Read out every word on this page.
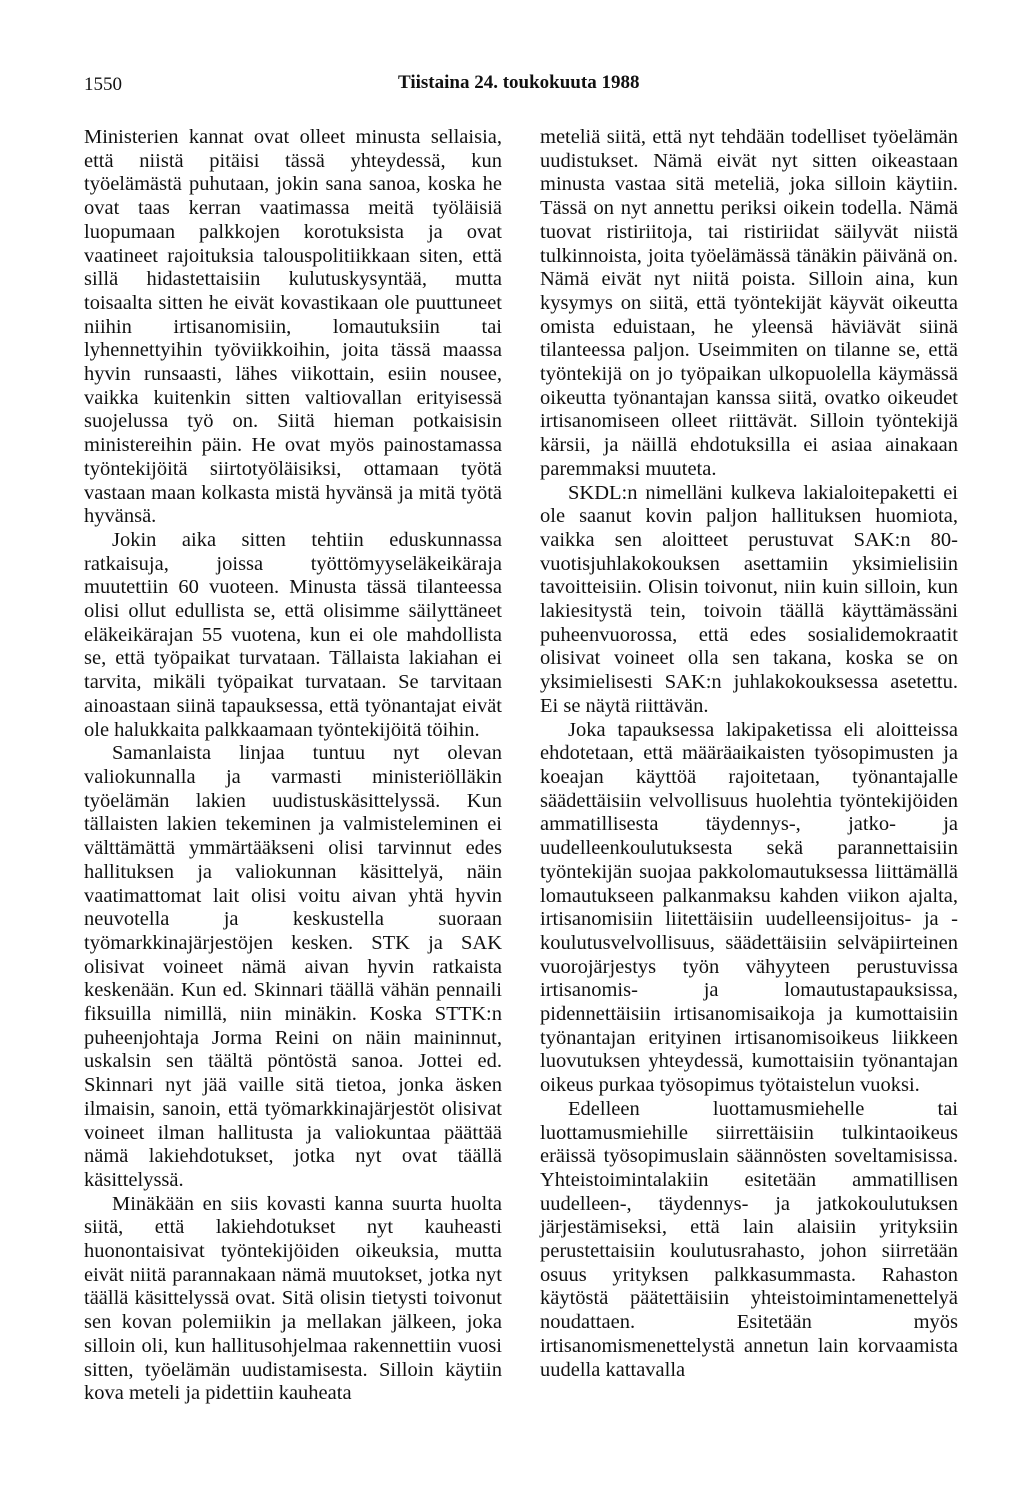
1550	Tiistaina 24. toukokuuta 1988

Ministerien kannat ovat olleet minusta sellaisia, että niistä pitäisi tässä yhteydessä, kun työelämästä puhutaan, jokin sana sanoa, koska he ovat taas kerran vaatimassa meitä työläisiä luopumaan palkkojen korotuksista ja ovat vaatineet rajoituksia talouspolitiikkaan siten, että sillä hidastettaisiin kulutuskysyntää, mutta toisaalta sitten he eivät kovastikaan ole puuttuneet niihin irtisanomisiin, lomautuksiin tai lyhennettyihin työviikkoihin, joita tässä maassa hyvin runsaasti, lähes viikottain, esiin nousee, vaikka kuitenkin sitten valtiovallan erityisessä suojelussa työ on. Siitä hieman potkaisisin ministereihin päin. He ovat myös painostamassa työntekijöitä siirtotyöläisiksi, ottamaan työtä vastaan maan kolkasta mistä hyvänsä ja mitä työtä hyvänsä.

Jokin aika sitten tehtiin eduskunnassa ratkaisuja, joissa työttömyyseläkeikäraja muutettiin 60 vuoteen. Minusta tässä tilanteessa olisi ollut edullista se, että olisimme säilyttäneet eläkeikärajan 55 vuotena, kun ei ole mahdollista se, että työpaikat turvataan. Tällaista lakiahan ei tarvita, mikäli työpaikat turvataan. Se tarvitaan ainoastaan siinä tapauksessa, että työnantajat eivät ole halukkaita palkkaamaan työntekijöitä töihin.

Samanlaista linjaa tuntuu nyt olevan valiokunnalla ja varmasti ministeriölläkin työelämän lakien uudistuskäsittelyssä. Kun tällaisten lakien tekeminen ja valmisteleminen ei välttämättä ymmärtääkseni olisi tarvinnut edes hallituksen ja valiokunnan käsittelyä, näin vaatimattomat lait olisi voitu aivan yhtä hyvin neuvotella ja keskustella suoraan työmarkkinajärjestöjen kesken. STK ja SAK olisivat voineet nämä aivan hyvin ratkaista keskenään. Kun ed. Skinnari täällä vähän pennaili fiksuilla nimillä, niin minäkin. Koska STTK:n puheenjohtaja Jorma Reini on näin maininnut, uskalsin sen täältä pöntöstä sanoa. Jottei ed. Skinnari nyt jää vaille sitä tietoa, jonka äsken ilmaisin, sanoin, että työmarkkinajärjestöt olisivat voineet ilman hallitusta ja valiokuntaa päättää nämä lakiehdotukset, jotka nyt ovat täällä käsittelyssä.

Minäkään en siis kovasti kanna suurta huolta siitä, että lakiehdotukset nyt kauheasti huonontaisivat työntekijöiden oikeuksia, mutta eivät niitä parannakaan nämä muutokset, jotka nyt täällä käsittelyssä ovat. Sitä olisin tietysti toivonut sen kovan polemiikin ja mellakan jälkeen, joka silloin oli, kun hallitusohjelmaa rakennettiin vuosi sitten, työelämän uudistamisesta. Silloin käytiin kova meteli ja pidettiin kauheata

meteliä siitä, että nyt tehdään todelliset työelämän uudistukset. Nämä eivät nyt sitten oikeastaan minusta vastaa sitä meteliä, joka silloin käytiin. Tässä on nyt annettu periksi oikein todella. Nämä tuovat ristiriitoja, tai ristiriidat säilyvät niistä tulkinnoista, joita työelämässä tänäkin päivänä on. Nämä eivät nyt niitä poista. Silloin aina, kun kysymys on siitä, että työntekijät käyvät oikeutta omista eduistaan, he yleensä häviävät siinä tilanteessa paljon. Useimmiten on tilanne se, että työntekijä on jo työpaikan ulkopuolella käymässä oikeutta työnantajan kanssa siitä, ovatko oikeudet irtisanomiseen olleet riittävät. Silloin työntekijä kärsii, ja näillä ehdotuksilla ei asiaa ainakaan paremmaksi muuteta.

SKDL:n nimelläni kulkeva lakialoitepaketti ei ole saanut kovin paljon hallituksen huomiota, vaikka sen aloitteet perustuvat SAK:n 80-vuotisjuhlakokouksen asettamiin yksimielisiin tavoitteisiin. Olisin toivonut, niin kuin silloin, kun lakiesitystä tein, toivoin täällä käyttämässäni puheenvuorossa, että edes sosialidemokraatit olisivat voineet olla sen takana, koska se on yksimielisesti SAK:n juhlakokouksessa asetettu. Ei se näytä riittävän.

Joka tapauksessa lakipaketissa eli aloitteissa ehdotetaan, että määräaikaisten työsopimusten ja koeajan käyttöä rajoitetaan, työnantajalle säädettäisiin velvollisuus huolehtia työntekijöiden ammatillisesta täydennys-, jatko- ja uudelleenkoulutuksesta sekä parannettaisiin työntekijän suojaa pakkolomautuksessa liittämällä lomautukseen palkanmaksu kahden viikon ajalta, irtisanomisiin liitettäisiin uudelleensijoitus- ja -koulutusvelvollisuus, säädettäisiin selväpiirteinen vuorojärjestys työn vähyyteen perustuvissa irtisanomis- ja lomautustapauksissa, pidennettäisiin irtisanomisaikoja ja kumottaisiin työnantajan erityinen irtisanomisoikeus liikkeen luovutuksen yhteydessä, kumottaisiin työnantajan oikeus purkaa työsopimus työtaistelun vuoksi.

Edelleen luottamusmiehelle tai luottamusmiehille siirrettäisiin tulkintaoikeus eräissä työsopimuslain säännösten soveltamisissa. Yhteistoimintalakiin esitetään ammatillisen uudelleen-, täydennys- ja jatkokoulutuksen järjestämiseksi, että lain alaisiin yrityksiin perustettaisiin koulutusrahasto, johon siirretään osuus yrityksen palkkasummasta. Rahaston käytöstä päätettäisiin yhteistoimintamenettelyä noudattaen. Esitetään myös irtisanomismenettelystä annetun lain korvaamista uudella kattavalla
